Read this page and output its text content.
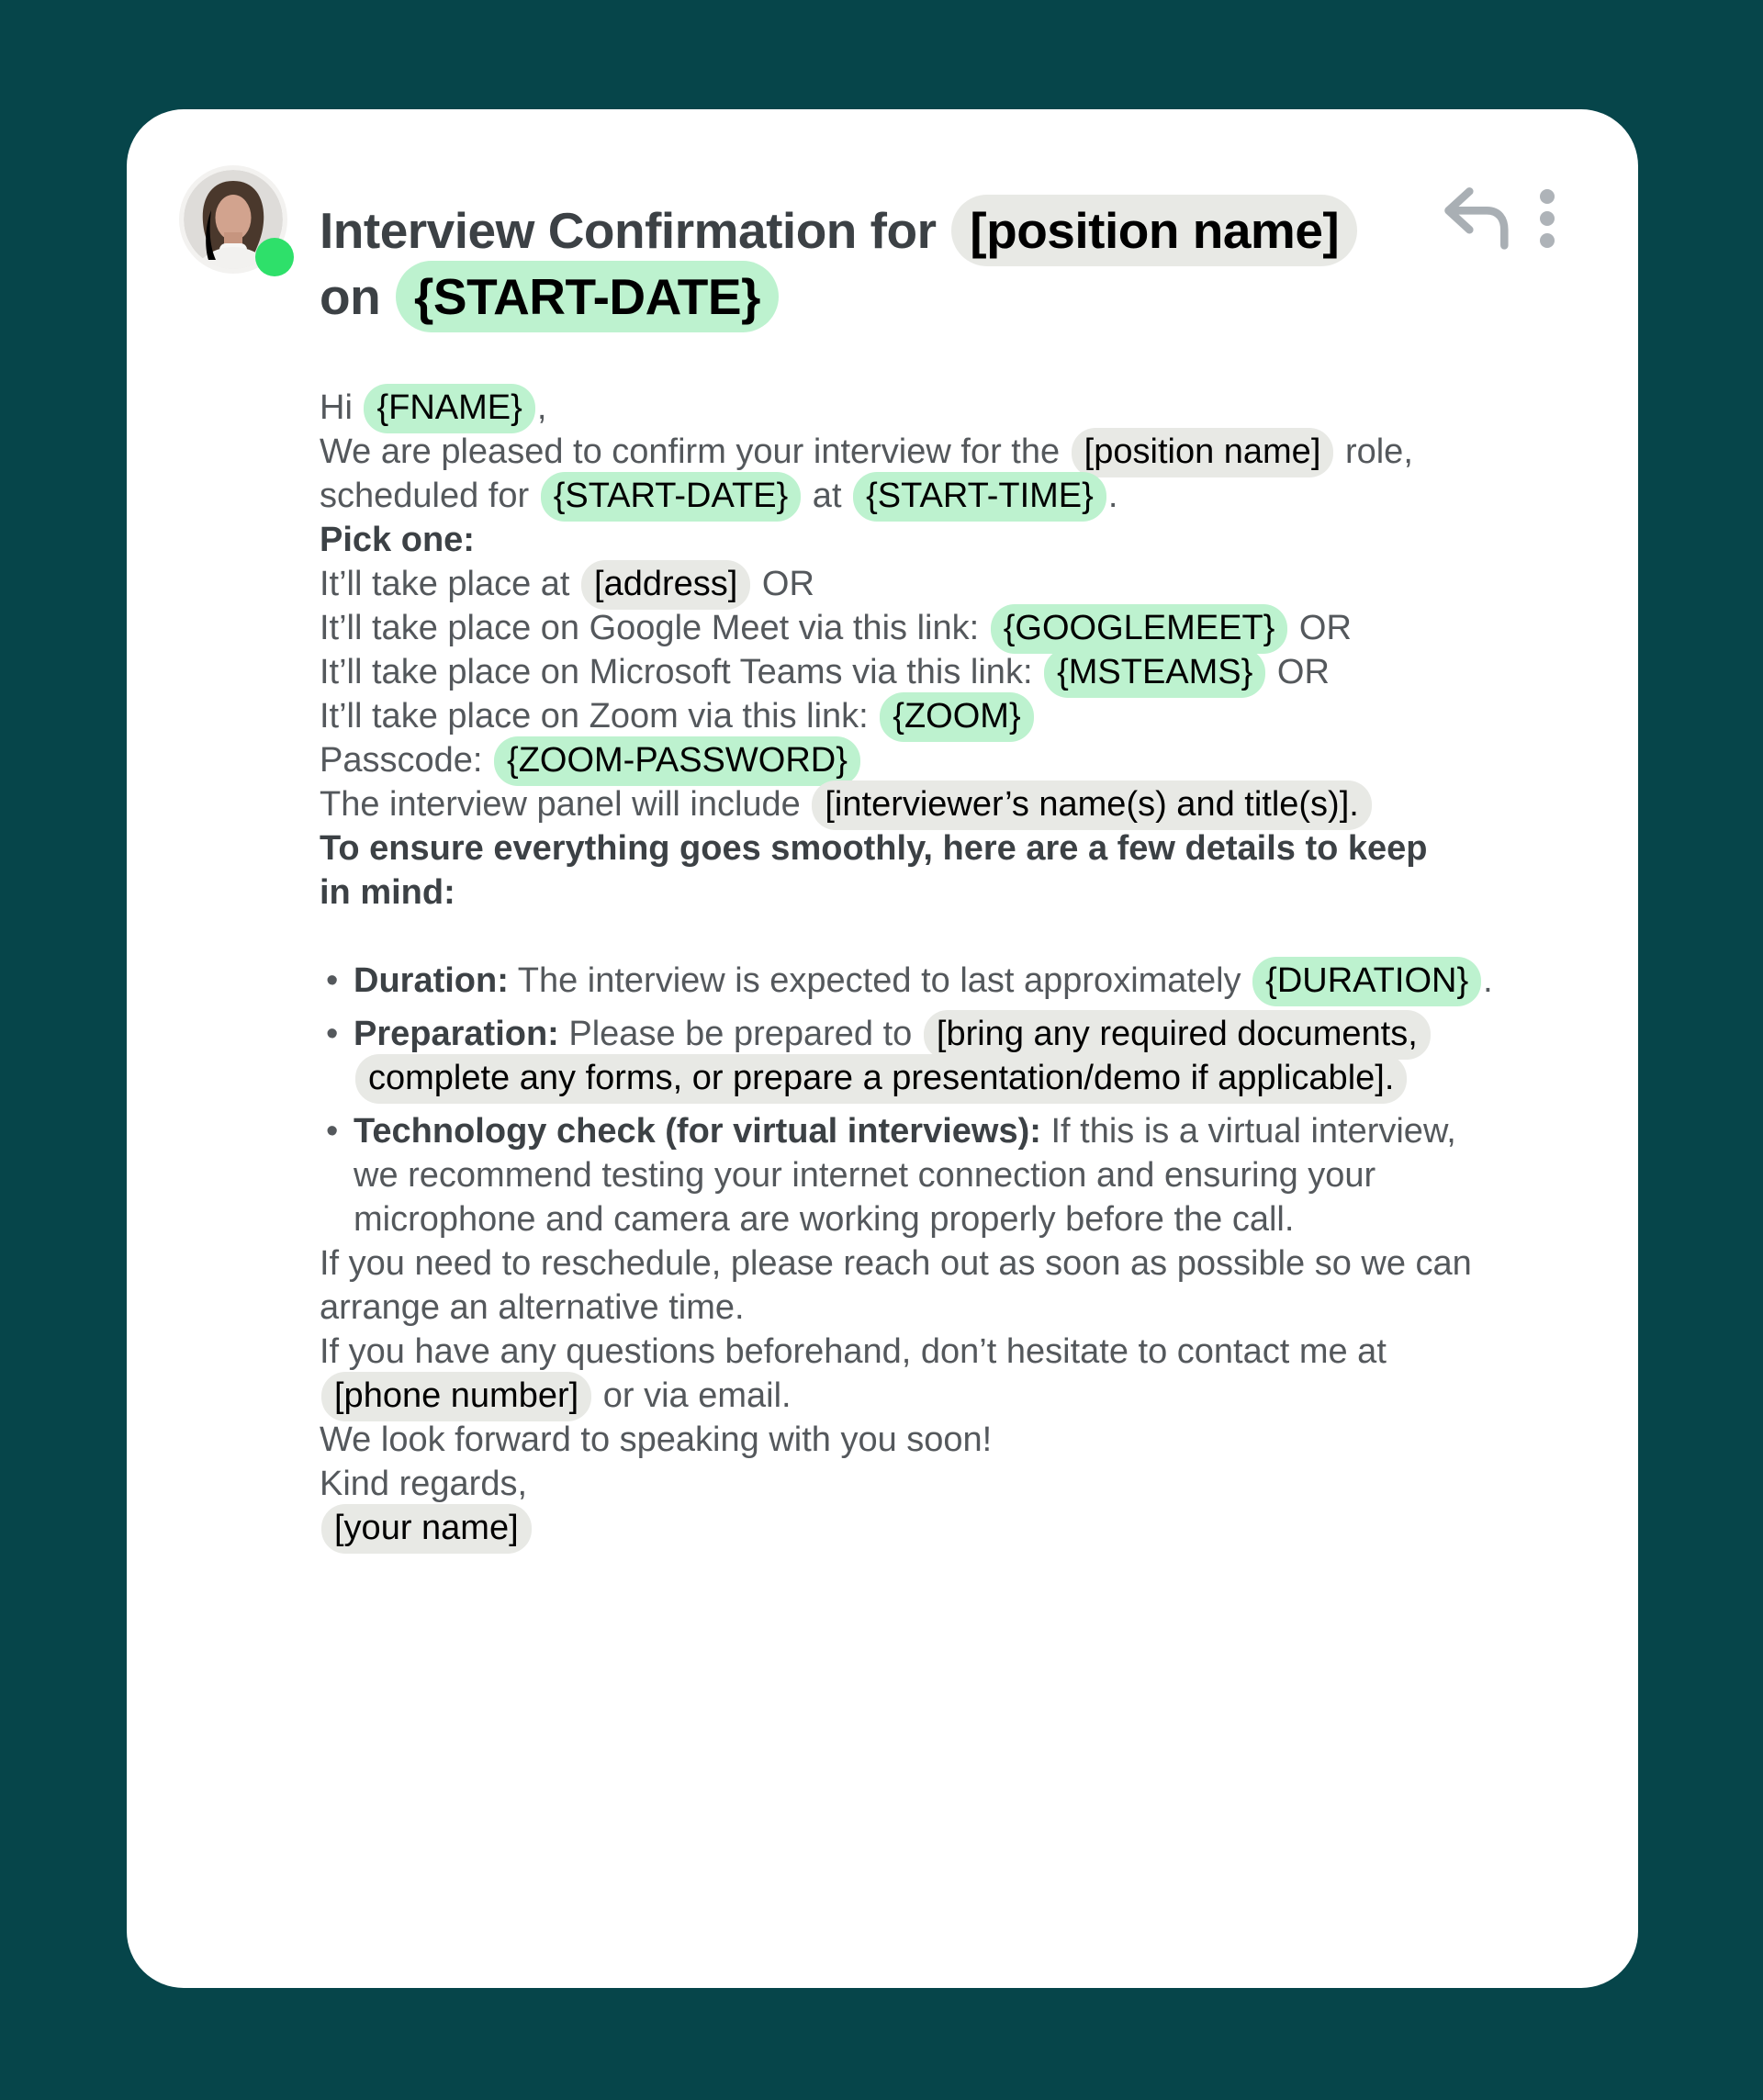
Interview Confirmation for [position name]
on {START-DATE}

Hi {FNAME} ,

We are pleased to confirm your interview for the [position name] role,
scheduled for {START-DATE} at {START-TIME} .

Pick one:
It’ll take place at [address] OR
It’ll take place on Google Meet via this link: {GOOGLEMEET} OR
It’ll take place on Microsoft Teams via this link: {MSTEAMS} OR
It’ll take place on Zoom via this link: {ZOOM}
Passcode: {ZOOM-PASSWORD}

The interview panel will include [interviewer’s name(s) and title(s)].

To ensure everything goes smoothly, here are a few details to keep
in mind:

• Duration: The interview is expected to last approximately {DURATION} .
• Preparation: Please be prepared to [bring any required documents,
complete any forms, or prepare a presentation/demo if applicable].
• Technology check (for virtual interviews): If this is a virtual interview,
we recommend testing your internet connection and ensuring your
microphone and camera are working properly before the call.

If you need to reschedule, please reach out as soon as possible so we can
arrange an alternative time.

If you have any questions beforehand, don’t hesitate to contact me at
[phone number] or via email.

We look forward to speaking with you soon!

Kind regards,
[your name]
